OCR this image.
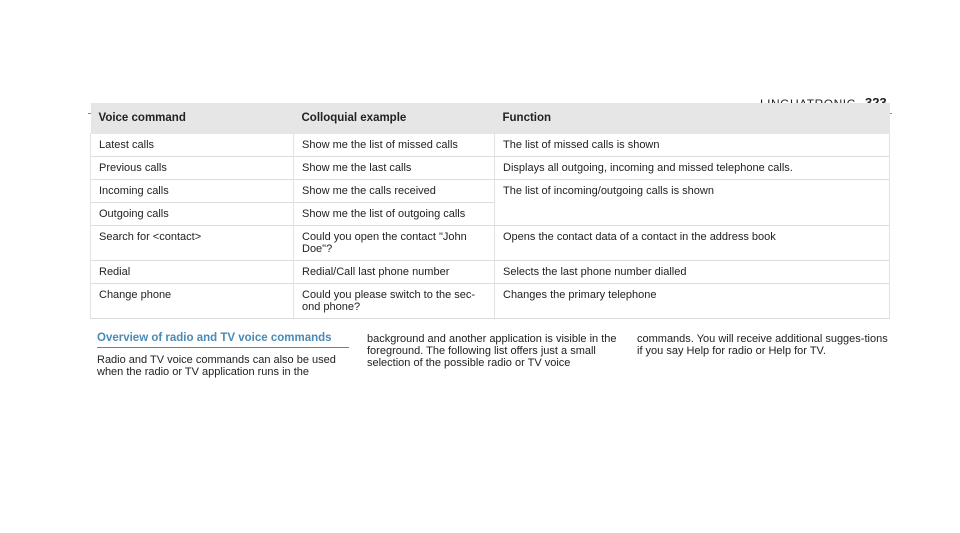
Voice command	Colloquial example	Function
Latest calls	Show me the list of missed calls	The list of missed calls is shown
Previous calls	Show me the last calls	Displays all outgoing, incoming and missed telephone calls.
Incoming calls	Show me the calls received	The list of incoming/outgoing calls is shown
Outgoing calls	Show me the list of outgoing calls	
Search for <contact>	Could you open the contact "John Doe"?	Opens the contact data of a contact in the address book
Redial	Redial/Call last phone number	Selects the last phone number dialled
Change phone	Could you please switch to the sec-ond phone?	Changes the primary telephone
Overview of radio and TV voice commands
Radio and TV voice commands can also be used when the radio or TV application runs in the
background and another application is visible in the foreground. The following list offers just a small selection of the possible radio or TV voice
commands. You will receive additional sugges-tions if you say Help for radio or Help for TV.
